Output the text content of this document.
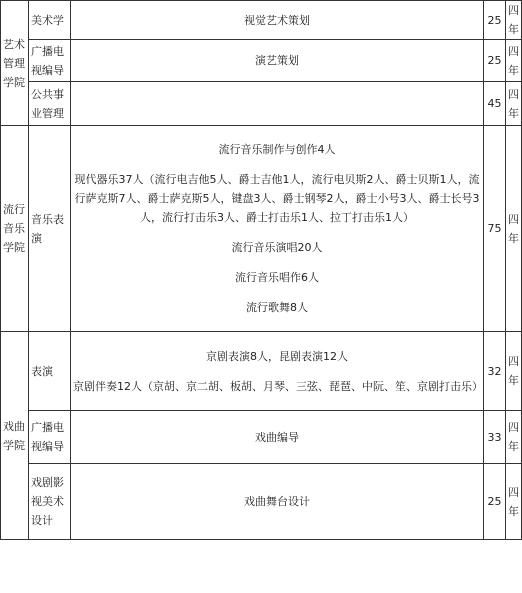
艺术管理学院	美术学	视觉艺术策划	25	四年
	广播电视编导	演艺策划	25	四年
	公共事业管理		45	四年
流行音乐学院	音乐表演	流行音乐制作与创作4人

现代器乐37人（流行电吉他5人、爵士吉他1人，流行电贝斯2人、爵士贝斯1人，流行萨克斯7人、爵士萨克斯5人，键盘3人、爵士钢琴2人，爵士小号3人、爵士长号3人，流行打击乐3人、爵士打击乐1人、拉丁打击乐1人）

流行音乐演唱20人

流行音乐唱作6人

流行歌舞8人	75	四年
戏曲学院	表演	京剧表演8人，昆剧表演12人

京剧伴奏12人（京胡、京二胡、板胡、月琴、三弦、琵琶、中阮、笙、京剧打击乐）	32	四年
	广播电视编导	戏曲编导	33	四年
	戏剧影视美术设计	戏曲舞台设计	25	四年
